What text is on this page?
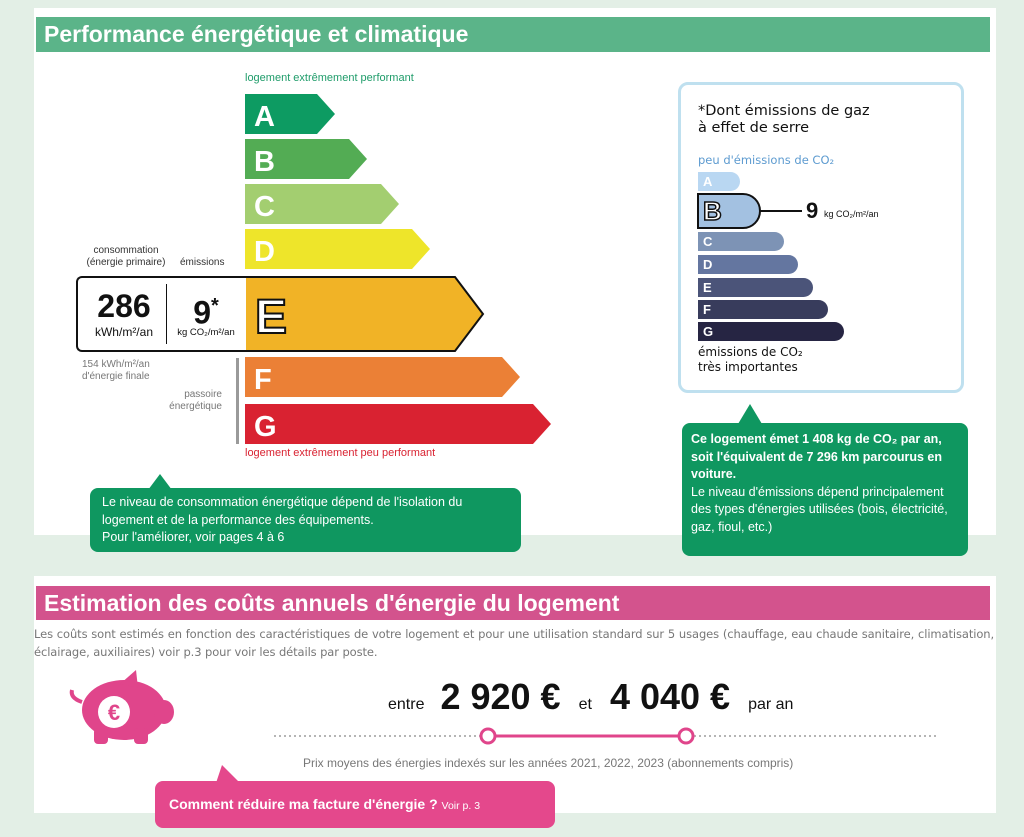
Performance énergétique et climatique
logement extrêmement performant
A
B
C
D
E
F
G
consommation
(énergie primaire)	émissions
286
kWh/m²/an
9*
kg CO₂/m²/an
154 kWh/m²/an
d'énergie finale
passoire
énergétique
logement extrêmement peu performant
Le niveau de consommation énergétique dépend de l'isolation du logement et de la performance des équipements.
Pour l'améliorer, voir pages 4 à 6
*Dont émissions de gaz
à effet de serre
peu d'émissions de CO₂
A
B
C
D
E
F
G
9 kg CO₂/m²/an
émissions de CO₂
très importantes
Ce logement émet 1 408 kg de CO₂ par an, soit l'équivalent de 7 296 km parcourus en voiture.
Le niveau d'émissions dépend principalement des types d'énergies utilisées (bois, électricité, gaz, fioul, etc.)
Estimation des coûts annuels d'énergie du logement
Les coûts sont estimés en fonction des caractéristiques de votre logement et pour une utilisation standard sur 5 usages (chauffage, eau chaude sanitaire, climatisation, éclairage, auxiliaires) voir p.3 pour voir les détails par poste.
€	entre 2 920 € et 4 040 € par an
Prix moyens des énergies indexés sur les années 2021, 2022, 2023 (abonnements compris)
Comment réduire ma facture d'énergie ? Voir p. 3
